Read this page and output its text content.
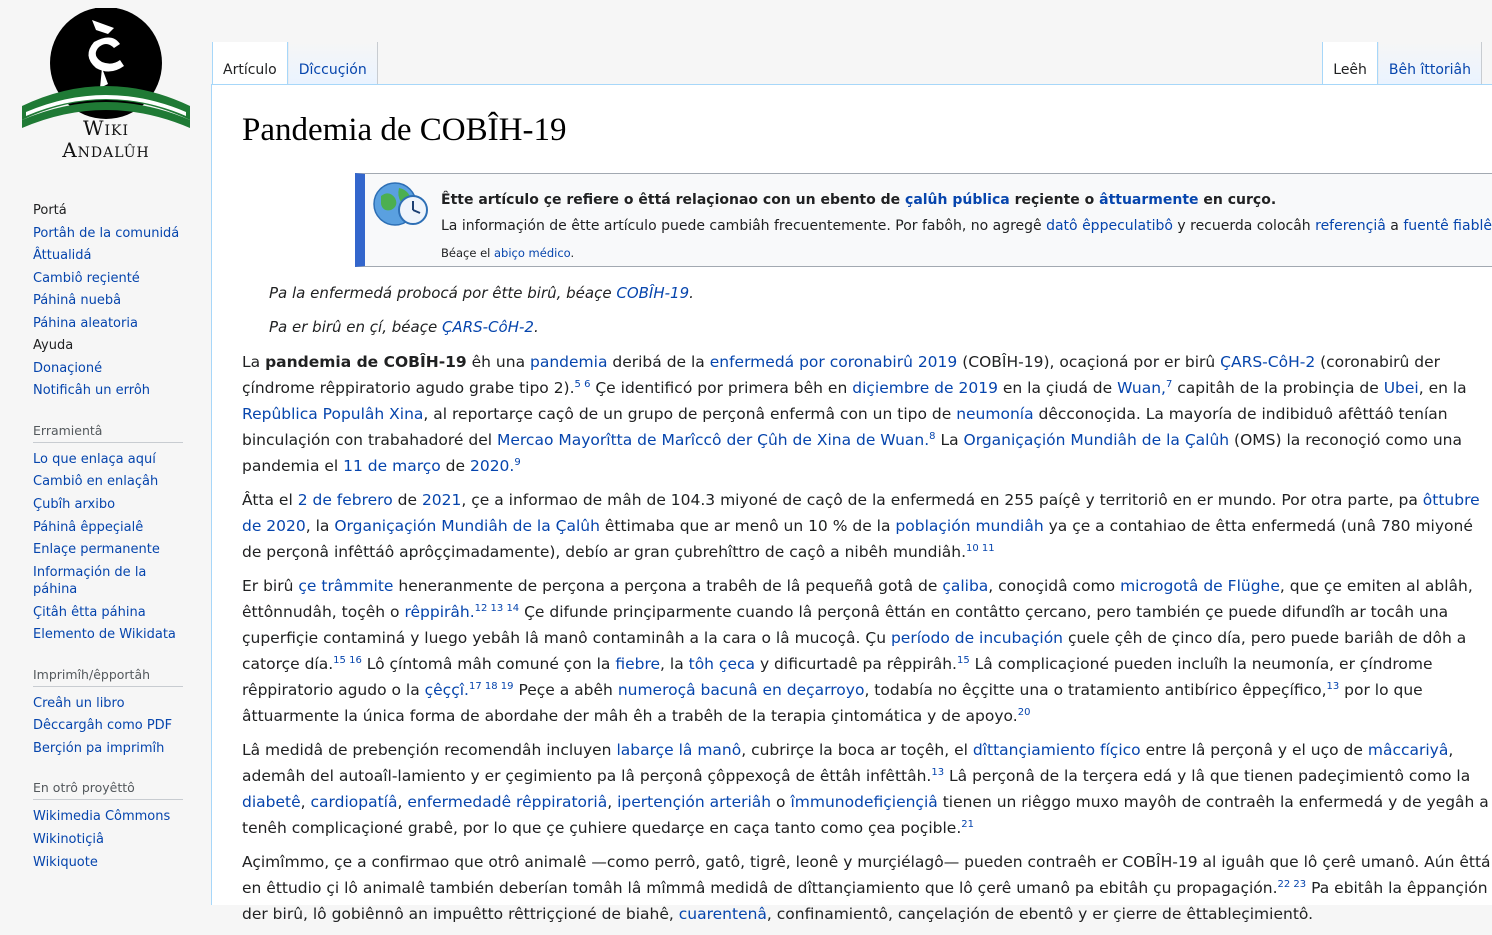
Wiki
Andalûh
Portá
Portâh de la comunidá
Âttualidá
Cambiô reçienté
Páhinâ nuebâ
Páhina aleatoria
Ayuda
Donaçioné
Notificâh un errôh
Erramientâ
Lo que enlaça aquí
Cambiô en enlaçâh
Çubîh arxibo
Páhinâ êppeçialê
Enlaçe permanente
Informaçión de la páhina
Çitâh êtta páhina
Elemento de Wikidata
Imprimîh/êpportâh
Creâh un libro
Dêccargâh como PDF
Berçión pa imprimîh
En otrô proyêttô
Wikimedia Cômmons
Wikinotiçiâ
Wikiquote
Artículo Dîccuçión	Leêh Bêh îttoriâh
Pandemia de COBÎH-19
Êtte artículo çe refiere o êttá relaçionao con un ebento de çalûh pública reçiente o âttuarmente en curço.
La informaçión de êtte artículo puede cambiâh frecuentemente. Por fabôh, no agregê datô êppeculatibô y recuerda colocâh referençiâ a fuentê fiablê
Béaçe el abiço médico.
Pa la enfermedá probocá por êtte birû, béaçe COBÎH-19.
Pa er birû en çí, béaçe ÇARS-CôH-2.

La pandemia de COBÎH-19 êh una pandemia deribá de la enfermedá por coronabirû 2019 (COBÎH-19), ocaçioná por er birû ÇARS-CôH-2 (coronabirû der çíndrome rêppiratorio agudo grabe tipo 2).$^{5 6}$ Çe identificó por primera bêh en diçiembre de 2019 en la çiudá de Wuan,$^7$ capitâh de la probinçia de Ubei, en la Repûblica Populâh Xina, al reportarçe caçô de un grupo de perçonâ enfermâ con un tipo de neumonía dêcconoçida. La mayoría de indibiduô afêttáô tenían binculaçión con trabahadoré del Mercao Mayorîtta de Marîccô der Çûh de Xina de Wuan.$^8$ La Organiçaçión Mundiâh de la Çalûh (OMS) la reconoçió como una pandemia el 11 de março de 2020.$^9$

Âtta el 2 de febrero de 2021, çe a informao de mâh de 104.3 miyoné de caçô de la enfermedá en 255 paíçê y territoriô en er mundo. Por otra parte, pa ôttubre de 2020, la Organiçaçión Mundiâh de la Çalûh êttimaba que ar menô un 10 % de la poblaçión mundiâh ya çe a contahiao de êtta enfermedá (unâ 780 miyoné de perçonâ infêttáô aprôççimadamente), debío ar gran çubrehîttro de caçô a nibêh mundiâh.$^{10 11}$

Er birû çe trâmmite heneranmente de perçona a perçona a trabêh de lâ pequeñâ gotâ de çaliba, conoçidâ como microgotâ de Flüghe, que çe emiten al ablâh, êttônnudâh, toçêh o rêppirâh.$^{12 13 14}$ Çe difunde prinçiparmente cuando lâ perçonâ êttán en contâtto çercano, pero también çe puede difundîh ar tocâh una çuperfiçie contaminá y luego yebâh lâ manô contaminâh a la cara o lâ mucoçâ. Çu período de incubaçión çuele çêh de çinco día, pero puede bariâh de dôh a catorçe día.$^{15 16}$ Lô çíntomâ mâh comuné çon la fiebre, la tôh çeca y dificurtadê pa rêppirâh.$^{15}$ Lâ complicaçioné pueden incluîh la neumonía, er çíndrome rêppiratorio agudo o la çêççî.$^{17 18 19}$ Peçe a abêh numeroçâ bacunâ en deçarroyo, todabía no êççitte una o tratamiento antibírico êppeçífico,$^{13}$ por lo que âttuarmente la única forma de abordahe der mâh êh a trabêh de la terapia çintomática y de apoyo.$^{20}$

Lâ medidâ de prebençión recomendâh incluyen labarçe lâ manô, cubrirçe la boca ar toçêh, el dîttançiamiento fíçico entre lâ perçonâ y el uço de mâccariyâ, ademâh del autoaîl-lamiento y er çegimiento pa lâ perçonâ çôppexoçâ de êttâh infêttâh.$^{13}$ Lâ perçonâ de la terçera edá y lâ que tienen padeçimientô como la diabetê, cardiopatíâ, enfermedadê rêppiratoriâ, ipertençión arteriâh o îmmunodefiçiençiâ tienen un riêggo muxo mayôh de contraêh la enfermedá y de yegâh a tenêh complicaçioné grabê, por lo que çe çuhiere quedarçe en caça tanto como çea poçible.$^{21}$

Açimîmmo, çe a confirmao que otrô animalê —como perrô, gatô, tigrê, leonê y murçiélagô— pueden contraêh er COBÎH-19 al iguâh que lô çerê umanô. Aún êttá en êttudio çi lô animalê también deberían tomâh lâ mîmmâ medidâ de dîttançiamiento que lô çerê umanô pa ebitâh çu propagaçión.$^{22 23}$ Pa ebitâh la êppançión der birû, lô gobiênnô an impuêtto rêttriççioné de biahê, cuarentenâ, confinamientô, cançelaçión de ebentô y er çierre de êttableçimientô.
